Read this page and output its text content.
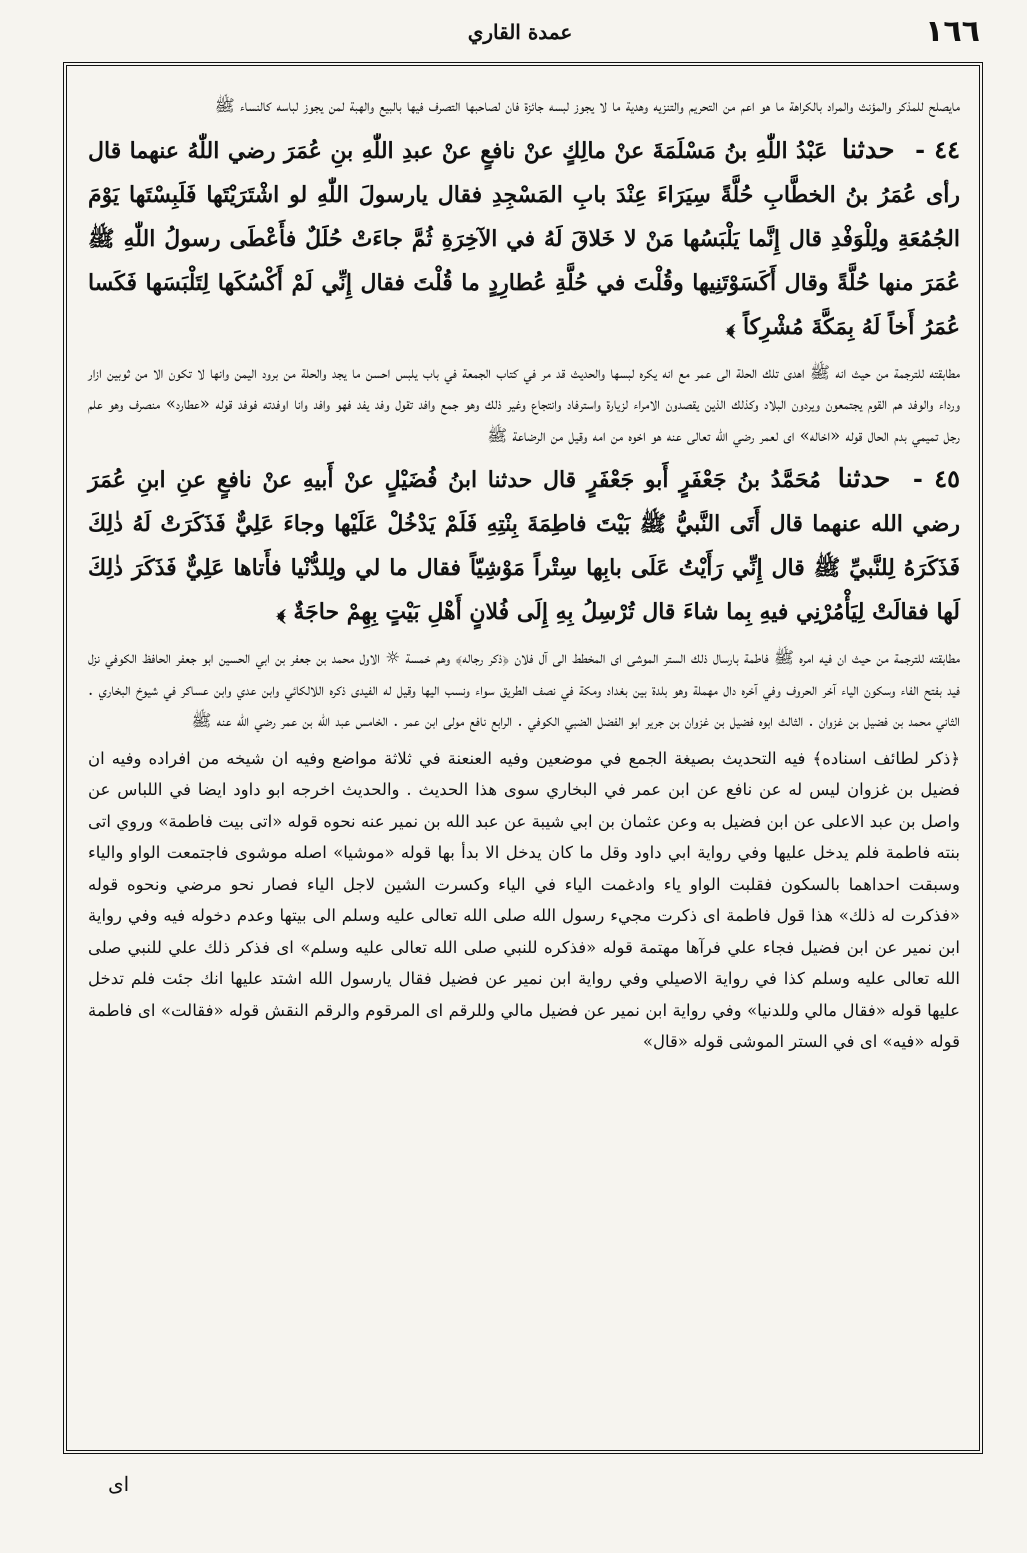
١٦٦
عمدة القاري

مايصلح للمذكر والمؤنث والمراد بالكراهة ما هو اعم من التحريم والتنزيه وهدية ما لا يجوز لبسه جائزة فان لصاحبها التصرف فيها بالبيع والهبة لمن يجوز لباسه كالنساء ﷺ

٤٤ - حدثنا عَبْدُ اللّٰهِ بنُ مَسْلَمَةَ عنْ مالِكٍ عنْ نافعٍ عنْ عبدِ اللّٰهِ بنِ عُمَرَ رضي اللّٰهُ عنهما قال رأى عُمَرُ بنُ الخطَّابِ حُلَّةً سِيَرَاءَ عِنْدَ بابِ المَسْجِدِ فقال يارسولَ اللّٰهِ لو اشْتَرَيْتَها فَلَبِسْتَها يَوْمَ الجُمُعَةِ ولِلْوَفْدِ قال إِنَّما يَلْبَسُها مَنْ لا خَلاقَ لَهُ في الآخِرَةِ ثُمَّ جاءَتْ حُلَلٌ فأَعْطَى رسولُ اللّٰهِ ﷺ عُمَرَ منها حُلَّةً وقال أَكَسَوْتَنِيها وقُلْتَ في حُلَّةِ عُطارِدٍ ما قُلْتَ فقال إِنِّي لَمْ أَكْسُكَها لِتَلْبَسَها فَكَسا عُمَرُ أَخاً لَهُ بِمَكَّةَ مُشْرِكاً ﴾

مطابقته للترجمة من حيث انه ﷺ اهدى تلك الحلة الى عمر مع انه يكره لبسها والحديث قد مر في كتاب الجمعة في باب يلبس احسن ما يجد والحلة من برود اليمن وانها لا تكون الا من ثوبين ازار ورداء والوفد هم القوم يجتمعون ويردون البلاد وكذلك الذين يقصدون الامراء لزيارة واسترفاد وانتجاع وغير ذلك وهو جمع وافد تقول وفد يفد فهو وافد وانا اوفدته فوفد قوله «عطارد» منصرف وهو علم رجل تميمي بدم الحال قوله «اخاله» اى لعمر رضي الله تعالى عنه هو اخوه من امه وقيل من الرضاعة ﷺ

٤٥ - حدثنا مُحَمَّدُ بنُ جَعْفَرٍ أَبو جَعْفَرٍ قال حدثنا ابنُ فُضَيْلٍ عنْ أَبيهِ عنْ نافعٍ عنِ ابنِ عُمَرَ رضي الله عنهما قال أَتَى النَّبيُّ ﷺ بَيْتَ فاطِمَةَ بِنْتِهِ فَلَمْ يَدْخُلْ عَلَيْها وجاءَ عَلِيٌّ فَذَكَرَتْ لَهُ ذٰلِكَ فَذَكَرَهُ لِلنَّبيِّ ﷺ قال إِنِّي رَأَيْتُ عَلَى بابِها سِتْراً مَوْشِيّاً فقال ما لي ولِلدُّنْيا فأَتاها عَلِيٌّ فَذَكَرَ ذٰلِكَ لَها فقالَتْ لِيَأْمُرْنِي فيهِ بِما شاءَ قال تُرْسِلُ بِهِ إِلَى فُلانٍ أَهْلِ بَيْتٍ بِهِمْ حاجَةٌ ﴾

مطابقته للترجمة من حيث ان فيه امره ﷺ فاطمة بارسال ذلك الستر الموشى اى المخطط الى آل فلان ﴿ذكر رجاله﴾ وهم خمسة ☼ الاول محمد بن جعفر بن ابي الحسين ابو جعفر الحافظ الكوفي نزل فيد بفتح الفاء وسكون الياء آخر الحروف وفي آخره دال مهملة وهو بلدة بين بغداد ومكة في نصف الطريق سواء ونسب اليها وقيل له الفيدى ذكره اللالكائي وابن عدي وابن عساكر في شيوخ البخاري . الثاني محمد بن فضيل بن غزوان . الثالث ابوه فضيل بن غزوان بن جرير ابو الفضل الضبي الكوفي . الرابع نافع مولى ابن عمر . الخامس عبد الله بن عمر رضي الله عنه ﷺ

﴿ذكر لطائف اسناده﴾ فيه التحديث بصيغة الجمع في موضعين وفيه العنعنة في ثلاثة مواضع وفيه ان شيخه من افراده وفيه ان فضيل بن غزوان ليس له عن نافع عن ابن عمر في البخاري سوى هذا الحديث . والحديث اخرجه ابو داود ايضا في اللباس عن واصل بن عبد الاعلى عن ابن فضيل به وعن عثمان بن ابي شيبة عن عبد الله بن نمير عنه نحوه قوله «اتى بيت فاطمة» وروي اتى بنته فاطمة فلم يدخل عليها وفي رواية ابي داود وقل ما كان يدخل الا بدأ بها قوله «موشيا» اصله موشوى فاجتمعت الواو والياء وسبقت احداهما بالسكون فقلبت الواو ياء وادغمت الياء في الياء وكسرت الشين لاجل الياء فصار نحو مرضي ونحوه قوله «فذكرت له ذلك» هذا قول فاطمة اى ذكرت مجيء رسول الله صلى الله تعالى عليه وسلم الى بيتها وعدم دخوله فيه وفي رواية ابن نمير عن ابن فضيل فجاء علي فرآها مهتمة قوله «فذكره للنبي صلى الله تعالى عليه وسلم» اى فذكر ذلك علي للنبي صلى الله تعالى عليه وسلم كذا في رواية الاصيلي وفي رواية ابن نمير عن فضيل فقال يارسول الله اشتد عليها انك جئت فلم تدخل عليها قوله «فقال مالي وللدنيا» وفي رواية ابن نمير عن فضيل مالي وللرقم اى المرقوم والرقم النقش قوله «فقالت» اى فاطمة قوله «فيه» اى في الستر الموشى قوله «قال»

اى
